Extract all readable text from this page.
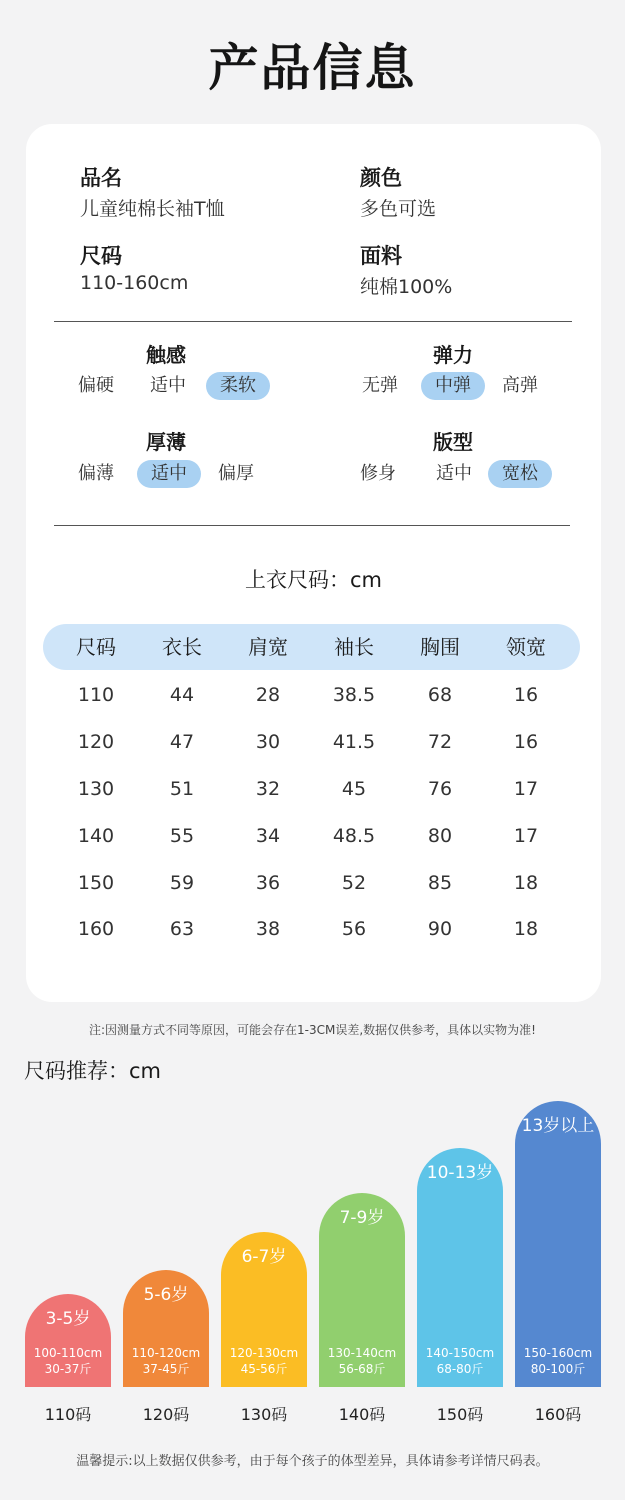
产品信息
品名
儿童纯棉长袖T恤
颜色
多色可选
尺码
110-160cm
面料
纯棉100%
触感
偏硬	适中	柔软
弹力
无弹	中弹	高弹
厚薄
偏薄	适中	偏厚
版型
修身	适中	宽松
上衣尺码：cm
尺码	衣长	肩宽	袖长	胸围	领宽
110	44	28	38.5	68	16
120	47	30	41.5	72	16
130	51	32	45	76	17
140	55	34	48.5	80	17
150	59	36	52	85	18
160	63	38	56	90	18
注:因测量方式不同等原因，可能会存在1-3CM误差,数据仅供参考，具体以实物为准!
尺码推荐：cm
3-5岁
100-110cm
30-37斤
110码
5-6岁
110-120cm
37-45斤
120码
6-7岁
120-130cm
45-56斤
130码
7-9岁
130-140cm
56-68斤
140码
10-13岁
140-150cm
68-80斤
150码
13岁以上
150-160cm
80-100斤
160码
温馨提示:以上数据仅供参考，由于每个孩子的体型差异，具体请参考详情尺码表。
